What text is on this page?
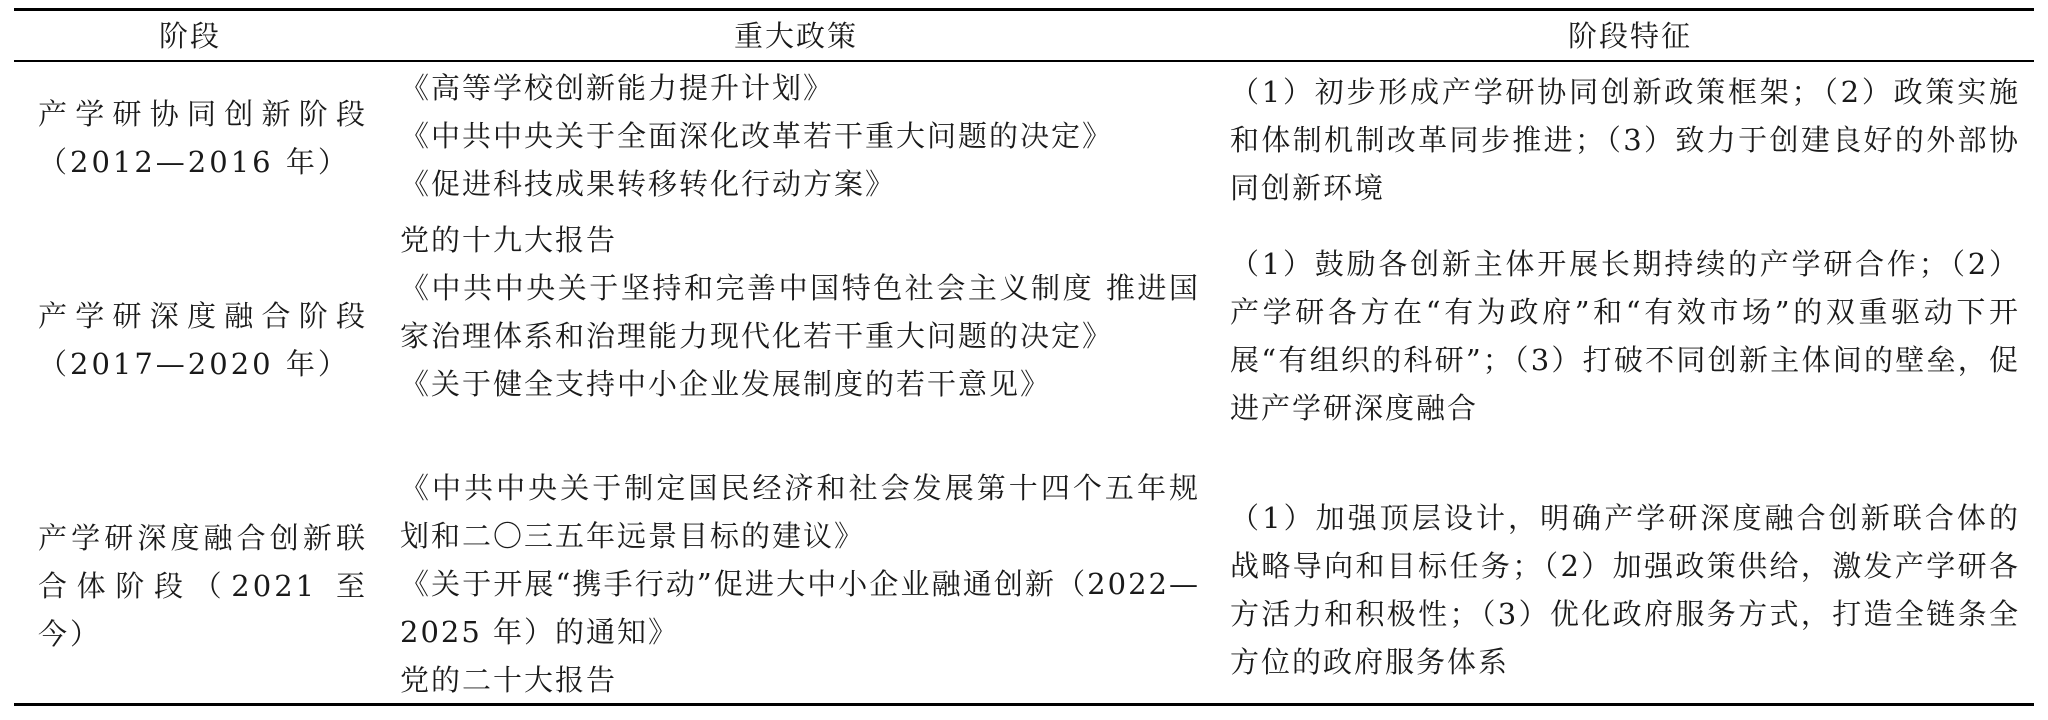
阶段	重大政策	阶段特征
产学研协同创新阶段（2012—2016 年）
《高等学校创新能力提升计划》
《中共中央关于全面深化改革若干重大问题的决定》
《促进科技成果转移转化行动方案》
（1）初步形成产学研协同创新政策框架；（2）政策实施和体制机制改革同步推进；（3）致力于创建良好的外部协同创新环境
产学研深度融合阶段（2017—2020 年）
党的十九大报告
《中共中央关于坚持和完善中国特色社会主义制度 推进国家治理体系和治理能力现代化若干重大问题的决定》
《关于健全支持中小企业发展制度的若干意见》
（1）鼓励各创新主体开展长期持续的产学研合作；（2）产学研各方在“有为政府”和“有效市场”的双重驱动下开展“有组织的科研”；（3）打破不同创新主体间的壁垒，促进产学研深度融合
产学研深度融合创新联合体阶段（2021 至今）
《中共中央关于制定国民经济和社会发展第十四个五年规划和二〇三五年远景目标的建议》
《关于开展“携手行动”促进大中小企业融通创新（2022—2025 年）的通知》
党的二十大报告
（1）加强顶层设计，明确产学研深度融合创新联合体的战略导向和目标任务；（2）加强政策供给，激发产学研各方活力和积极性；（3）优化政府服务方式，打造全链条全方位的政府服务体系
